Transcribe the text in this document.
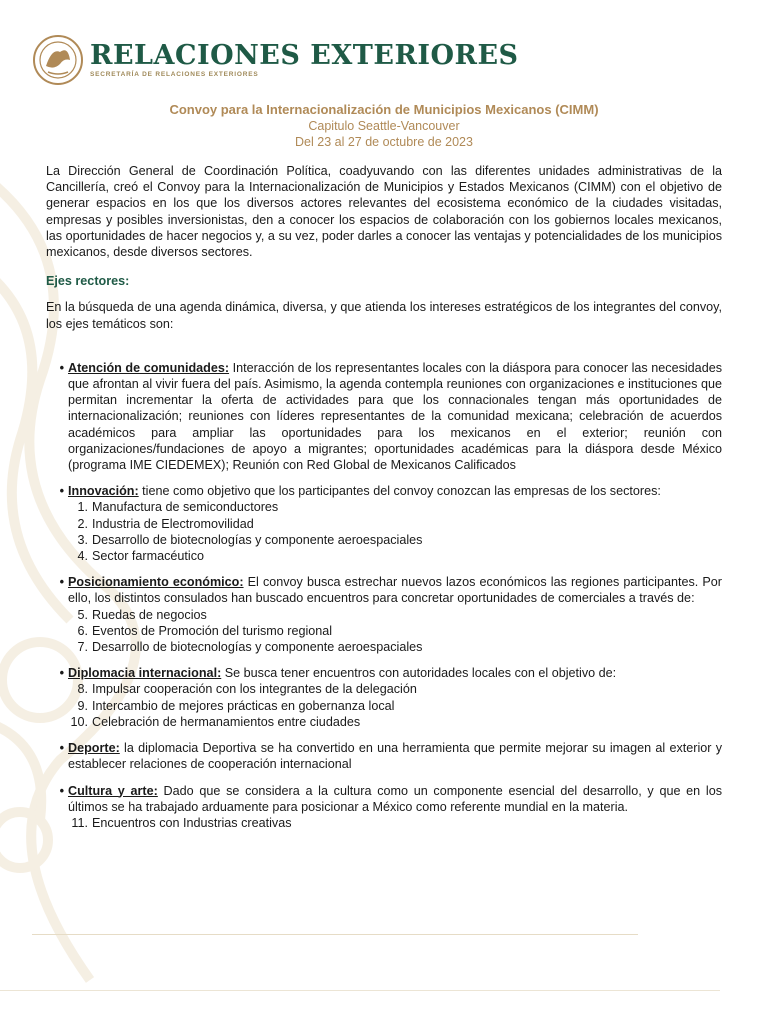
RELACIONES EXTERIORES
SECRETARÍA DE RELACIONES EXTERIORES
Convoy para la Internacionalización de Municipios Mexicanos (CIMM)
Capitulo Seattle-Vancouver
Del 23 al 27 de octubre de 2023

La Dirección General de Coordinación Política, coadyuvando con las diferentes unidades administrativas de la Cancillería, creó el Convoy para la Internacionalización de Municipios y Estados Mexicanos (CIMM) con el objetivo de generar espacios en los que los diversos actores relevantes del ecosistema económico de la ciudades visitadas, empresas y posibles inversionistas, den a conocer los espacios de colaboración con los gobiernos locales mexicanos, las oportunidades de hacer negocios y, a su vez, poder darles a conocer las ventajas y potencialidades de los municipios mexicanos, desde diversos sectores.

Ejes rectores:

En la búsqueda de una agenda dinámica, diversa, y que atienda los intereses estratégicos de los integrantes del convoy, los ejes temáticos son:

• Atención de comunidades: Interacción de los representantes locales con la diáspora para conocer las necesidades que afrontan al vivir fuera del país. Asimismo, la agenda contempla reuniones con organizaciones e instituciones que permitan incrementar la oferta de actividades para que los connacionales tengan más oportunidades de internacionalización; reuniones con líderes representantes de la comunidad mexicana; celebración de acuerdos académicos para ampliar las oportunidades para los mexicanos en el exterior; reunión con organizaciones/fundaciones de apoyo a migrantes; oportunidades académicas para la diáspora desde México (programa IME CIEDEMEX); Reunión con Red Global de Mexicanos Calificados
• Innovación: tiene como objetivo que los participantes del convoy conozcan las empresas de los sectores:
1. Manufactura de semiconductores
2. Industria de Electromovilidad
3. Desarrollo de biotecnologías y componente aeroespaciales
4. Sector farmacéutico
• Posicionamiento económico: El convoy busca estrechar nuevos lazos económicos las regiones participantes. Por ello, los distintos consulados han buscado encuentros para concretar oportunidades de comerciales a través de:
5. Ruedas de negocios
6. Eventos de Promoción del turismo regional
7. Desarrollo de biotecnologías y componente aeroespaciales
• Diplomacia internacional: Se busca tener encuentros con autoridades locales con el objetivo de:
8. Impulsar cooperación con los integrantes de la delegación
9. Intercambio de mejores prácticas en gobernanza local
10. Celebración de hermanamientos entre ciudades
• Deporte: la diplomacia Deportiva se ha convertido en una herramienta que permite mejorar su imagen al exterior y establecer relaciones de cooperación internacional
• Cultura y arte: Dado que se considera a la cultura como un componente esencial del desarrollo, y que en los últimos se ha trabajado arduamente para posicionar a México como referente mundial en la materia.
11. Encuentros con Industrias creativas
